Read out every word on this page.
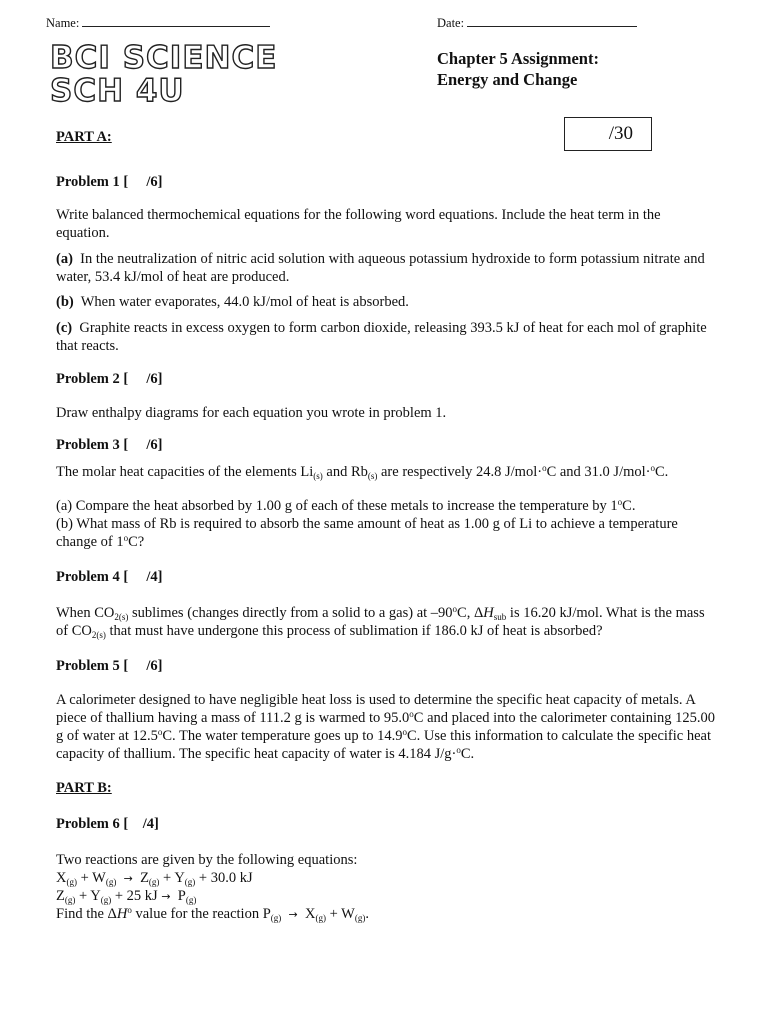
Name:	Date:
BCI SCIENCE
SCH 4U
Chapter 5 Assignment:
Energy and Change
/30
PART A:
Problem 1 [     /6]
Write balanced thermochemical equations for the following word equations. Include the heat term in the equation.
(a) In the neutralization of nitric acid solution with aqueous potassium hydroxide to form potassium nitrate and water, 53.4 kJ/mol of heat are produced.
(b) When water evaporates, 44.0 kJ/mol of heat is absorbed.
(c) Graphite reacts in excess oxygen to form carbon dioxide, releasing 393.5 kJ of heat for each mol of graphite that reacts.
Problem 2 [     /6]
Draw enthalpy diagrams for each equation you wrote in problem 1.
Problem 3 [     /6]
The molar heat capacities of the elements $Li_{(s)}$ and $Rb_{(s)}$ are respectively 24.8 J/mol·$^o$C and 31.0 J/mol·$^o$C.
(a) Compare the heat absorbed by 1.00 g of each of these metals to increase the temperature by 1$^o$C.
(b) What mass of Rb is required to absorb the same amount of heat as 1.00 g of Li to achieve a temperature change of 1$^o$C?
Problem 4 [     /4]
When $CO_{2(s)}$ sublimes (changes directly from a solid to a gas) at –90$^o$C, $\Delta H_{sub}$ is 16.20 kJ/mol. What is the mass of $CO_{2(s)}$ that must have undergone this process of sublimation if 186.0 kJ of heat is absorbed?
Problem 5 [     /6]
A calorimeter designed to have negligible heat loss is used to determine the specific heat capacity of metals. A piece of thallium having a mass of 111.2 g is warmed to 95.0$^o$C and placed into the calorimeter containing 125.00 g of water at 12.5$^o$C. The water temperature goes up to 14.9$^o$C. Use this information to calculate the specific heat capacity of thallium. The specific heat capacity of water is 4.184 J/g·$^o$C.
PART B:
Problem 6 [    /4]
Two reactions are given by the following equations:
$X_{(g)} + W_{(g)} \to Z_{(g)} + Y_{(g)} + 30.0$ kJ
$Z_{(g)} + Y_{(g)} + 25$ kJ → $P_{(g)}$
Find the $\Delta H^o$ value for the reaction $P_{(g)} \to X_{(g)} + W_{(g)}$.
